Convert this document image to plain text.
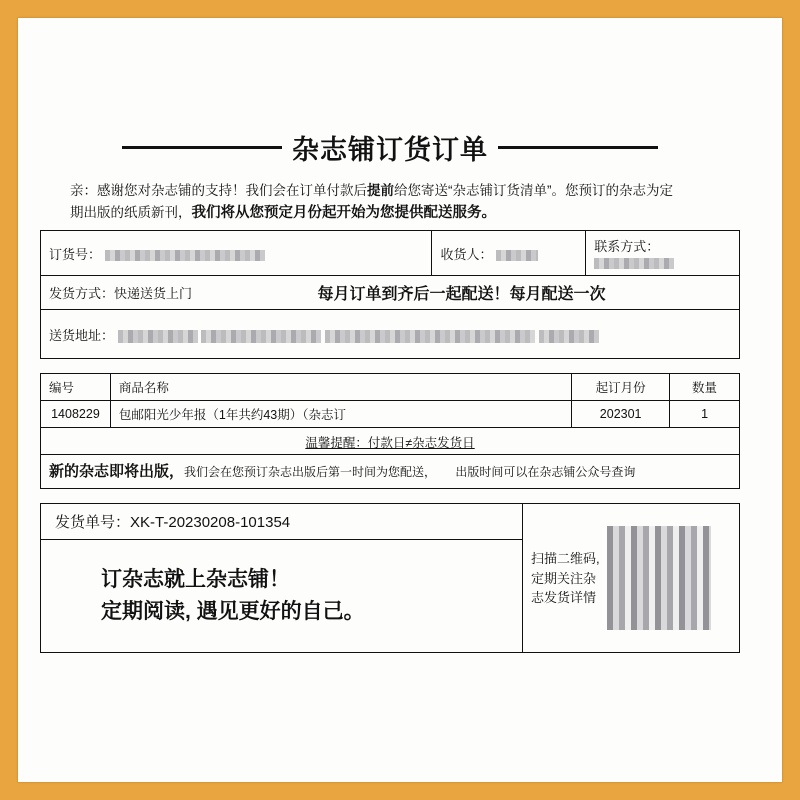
杂志铺订货订单
亲：感谢您对杂志铺的支持！我们会在订单付款后提前给您寄送“杂志铺订货清单”。您预订的杂志为定
期出版的纸质新刊，我们将从您预定月份起开始为您提供配送服务。
订货号：	收货人：	联系方式：

发货方式：快递送货上门	每月订单到齐后一起配送！每月配送一次

送货地址：
编号	商品名称	起订月份	数量
1408229	包邮阳光少年报（1年共约43期）（杂志订	202301	1
温馨提醒：付款日≠杂志发货日			
新的杂志即将出版，我们会在您预订杂志出版后第一时间为您配送， 出版时间可以在杂志铺公众号查询			
发货单号：XK-T-20230208-101354
订杂志就上杂志铺！
定期阅读, 遇见更好的自己。
扫描二维码,
定期关注杂
志发货详情
